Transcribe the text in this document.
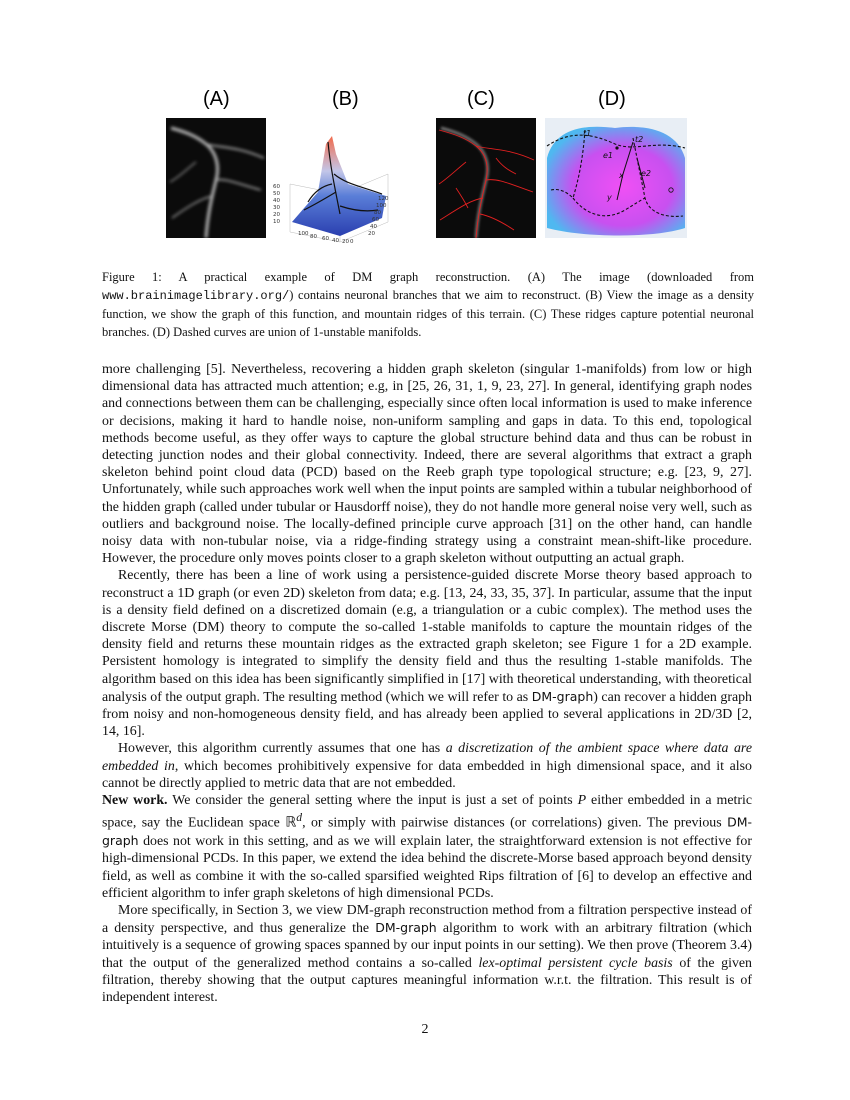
(A)	(B)	(C)	(D)
60
50
40
30
20
10
100 80 60 40 20 0
120
100
80
60
40
20
t1
t2
e1
e2
x
y
Figure 1: A practical example of DM graph reconstruction. (A) The image (downloaded from www.brainimagelibrary.org/) contains neuronal branches that we aim to reconstruct. (B) View the image as a density function, we show the graph of this function, and mountain ridges of this terrain. (C) These ridges capture potential neuronal branches. (D) Dashed curves are union of 1-unstable manifolds.

more challenging [5]. Nevertheless, recovering a hidden graph skeleton (singular 1-manifolds) from low or high dimensional data has attracted much attention; e.g, in [25, 26, 31, 1, 9, 23, 27]. In general, identifying graph nodes and connections between them can be challenging, especially since often local information is used to make inference or decisions, making it hard to handle noise, non-uniform sampling and gaps in data. To this end, topological methods become useful, as they offer ways to capture the global structure behind data and thus can be robust in detecting junction nodes and their global connectivity. Indeed, there are several algorithms that extract a graph skeleton behind point cloud data (PCD) based on the Reeb graph type topological structure; e.g. [23, 9, 27]. Unfortunately, while such approaches work well when the input points are sampled within a tubular neighborhood of the hidden graph (called under tubular or Hausdorff noise), they do not handle more general noise very well, such as outliers and background noise. The locally-defined principle curve approach [31] on the other hand, can handle noisy data with non-tubular noise, via a ridge-finding strategy using a constraint mean-shift-like procedure. However, the procedure only moves points closer to a graph skeleton without outputting an actual graph.

Recently, there has been a line of work using a persistence-guided discrete Morse theory based approach to reconstruct a 1D graph (or even 2D) skeleton from data; e.g. [13, 24, 33, 35, 37]. In particular, assume that the input is a density field defined on a discretized domain (e.g, a triangulation or a cubic complex). The method uses the discrete Morse (DM) theory to compute the so-called 1-stable manifolds to capture the mountain ridges of the density field and returns these mountain ridges as the extracted graph skeleton; see Figure 1 for a 2D example. Persistent homology is integrated to simplify the density field and thus the resulting 1-stable manifolds. The algorithm based on this idea has been significantly simplified in [17] with theoretical understanding, with theoretical analysis of the output graph. The resulting method (which we will refer to as DM-graph) can recover a hidden graph from noisy and non-homogeneous density field, and has already been applied to several applications in 2D/3D [2, 14, 16].

However, this algorithm currently assumes that one has a discretization of the ambient space where data are embedded in, which becomes prohibitively expensive for data embedded in high dimensional space, and it also cannot be directly applied to metric data that are not embedded.

New work. We consider the general setting where the input is just a set of points P either embedded in a metric space, say the Euclidean space ℝ$^d$, or simply with pairwise distances (or correlations) given. The previous DM-graph does not work in this setting, and as we will explain later, the straightforward extension is not effective for high-dimensional PCDs. In this paper, we extend the idea behind the discrete-Morse based approach beyond density field, as well as combine it with the so-called sparsified weighted Rips filtration of [6] to develop an effective and efficient algorithm to infer graph skeletons of high dimensional PCDs.

More specifically, in Section 3, we view DM-graph reconstruction method from a filtration perspective instead of a density perspective, and thus generalize the DM-graph algorithm to work with an arbitrary filtration (which intuitively is a sequence of growing spaces spanned by our input points in our setting). We then prove (Theorem 3.4) that the output of the generalized method contains a so-called lex-optimal persistent cycle basis of the given filtration, thereby showing that the output captures meaningful information w.r.t. the filtration. This result is of independent interest.

2
